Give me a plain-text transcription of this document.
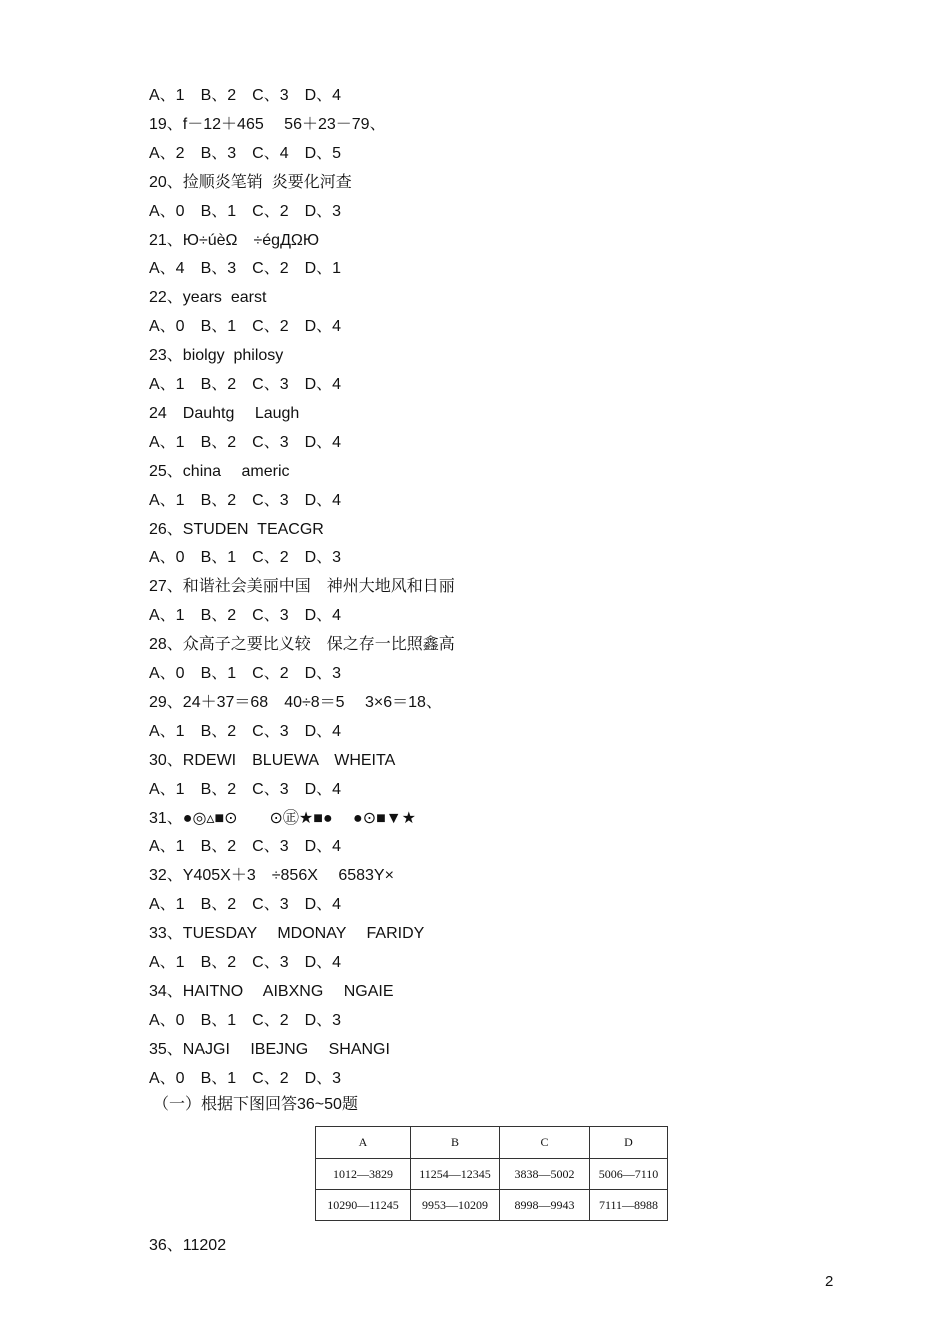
A、1　B、2　C、3　D、4
19、f－12＋465　 56＋23－79、
A、2　B、3　C、4　D、5
20、捡顺炎笔销  炎要化河查
A、0　B、1　C、2　D、3
21、Ю÷úèΩ　÷égДΩЮ
A、4　B、3　C、2　D、1
22、years  earst
A、0　B、1　C、2　D、4
23、biolgy  philosy
A、1　B、2　C、3　D、4
24　Dauhtg　 Laugh
A、1　B、2　C、3　D、4
25、china　 americ
A、1　B、2　C、3　D、4
26、STUDEN  TEACGR
A、0　B、1　C、2　D、3
27、和谐社会美丽中国　神州大地风和日丽
A、1　B、2　C、3　D、4
28、众高子之要比义较　保之存一比照鑫高
A、0　B、1　C、2　D、3
29、24＋37＝68　40÷8＝5　 3×6＝18、
A、1　B、2　C、3　D、4
30、RDEWI　BLUEWA　WHEITA
A、1　B、2　C、3　D、4
31、●◎▵■⊙　　⊙㊣★■●　 ●⊙■▼★
A、1　B、2　C、3　D、4
32、Y405X＋3　÷856X　 6583Y×
A、1　B、2　C、3　D、4
33、TUESDAY　 MDONAY　 FARIDY
A、1　B、2　C、3　D、4
34、HAITNO　 AIBXNG　 NGAIE
A、0　B、1　C、2　D、3
35、NAJGI　 IBEJNG　 SHANGI
A、0　B、1　C、2　D、3
（一）根据下图回答36~50题
A	B	C	D
1012—3829	11254—12345	3838—5002	5006—7110
10290—11245	9953—10209	8998—9943	7111—8988
36、11202
2
